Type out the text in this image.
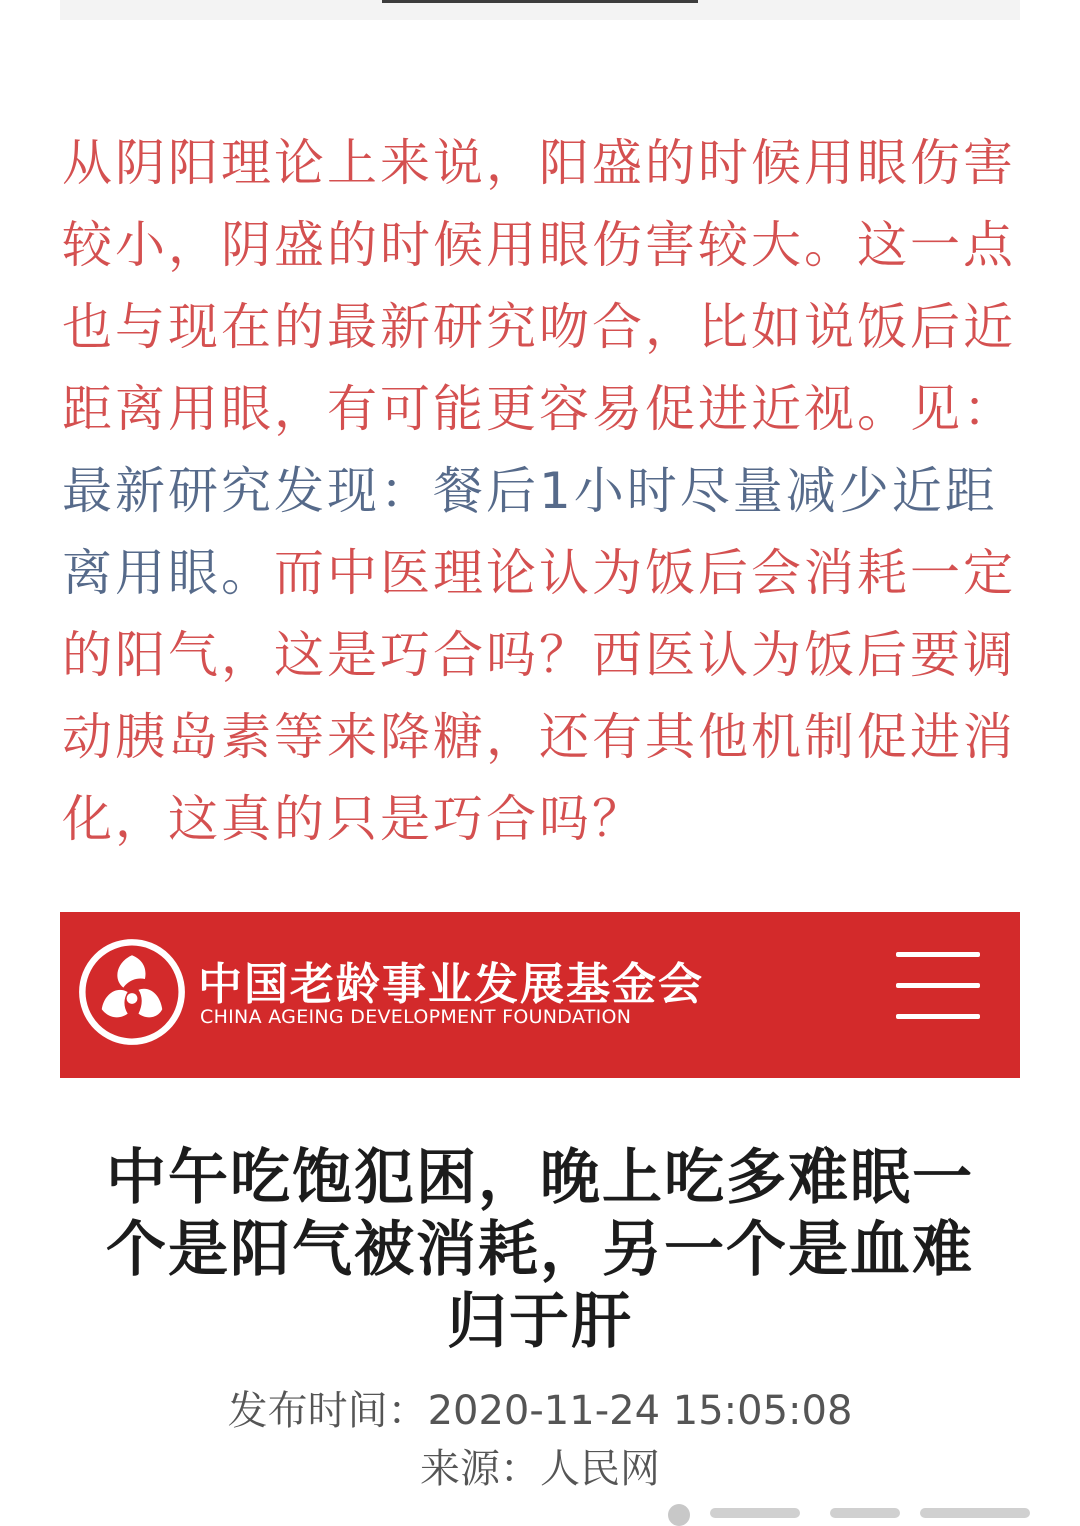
从阴阳理论上来说，阳盛的时候用眼伤害较小，阴盛的时候用眼伤害较大。这一点也与现在的最新研究吻合，比如说饭后近距离用眼，有可能更容易促进近视。见：最新研究发现：餐后1小时尽量减少近距离用眼。而中医理论认为饭后会消耗一定的阳气，这是巧合吗？西医认为饭后要调动胰岛素等来降糖，还有其他机制促进消化，这真的只是巧合吗？

中国老龄事业发展基金会
CHINA AGEING DEVELOPMENT FOUNDATION
中午吃饱犯困，晚上吃多难眠一个是阳气被消耗，另一个是血难归于肝
发布时间：2020-11-24 15:05:08
来源：人民网
